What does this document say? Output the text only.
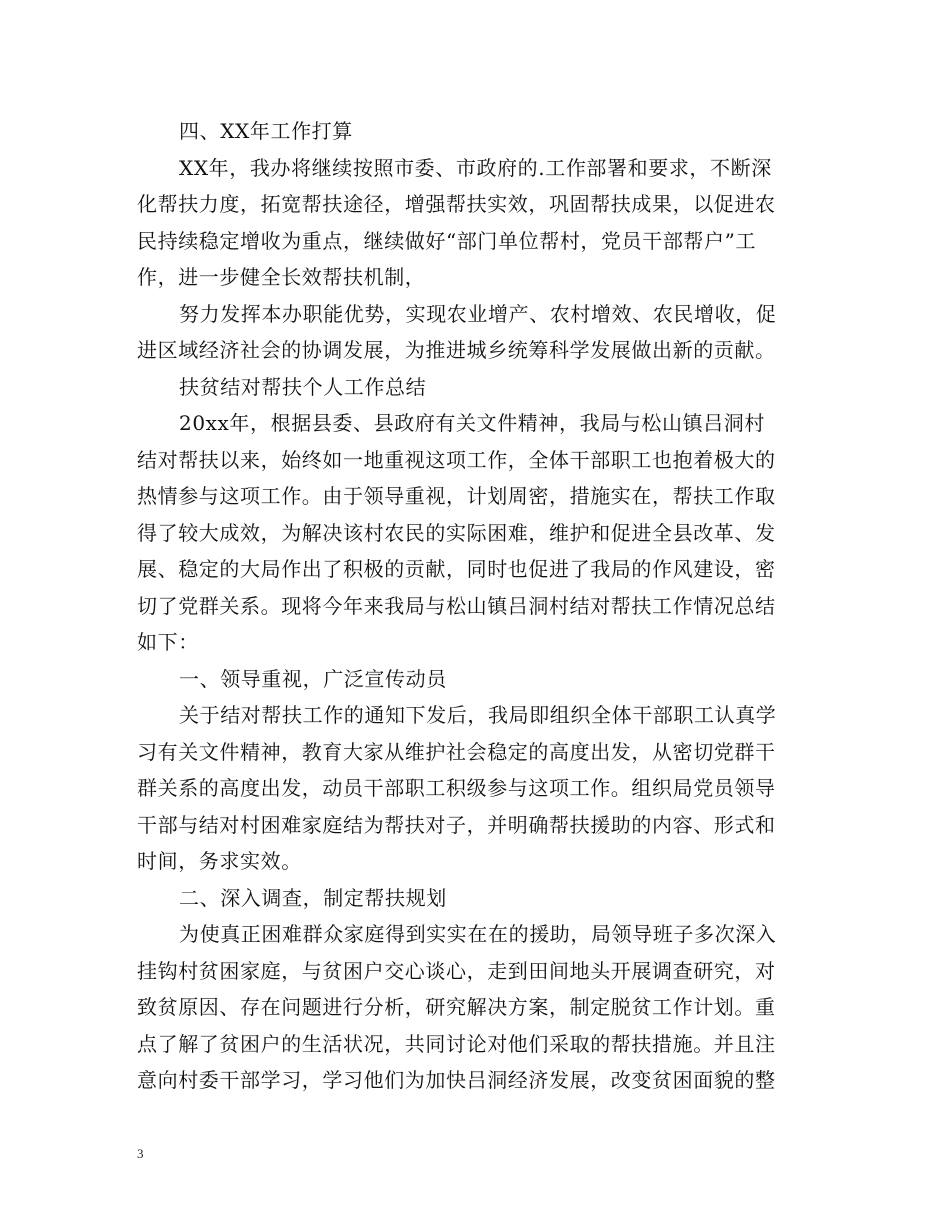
四、XX年工作打算
XX年，我办将继续按照市委、市政府的.工作部署和要求，不断深
化帮扶力度，拓宽帮扶途径，增强帮扶实效，巩固帮扶成果，以促进农
民持续稳定增收为重点，继续做好“部门单位帮村，党员干部帮户”工
作，进一步健全长效帮扶机制，
努力发挥本办职能优势，实现农业增产、农村增效、农民增收，促
进区域经济社会的协调发展，为推进城乡统筹科学发展做出新的贡献。
扶贫结对帮扶个人工作总结
20xx年，根据县委、县政府有关文件精神，我局与松山镇吕洞村
结对帮扶以来，始终如一地重视这项工作，全体干部职工也抱着极大的
热情参与这项工作。由于领导重视，计划周密，措施实在，帮扶工作取
得了较大成效，为解决该村农民的实际困难，维护和促进全县改革、发
展、稳定的大局作出了积极的贡献，同时也促进了我局的作风建设，密
切了党群关系。现将今年来我局与松山镇吕洞村结对帮扶工作情况总结
如下：
一、领导重视，广泛宣传动员
关于结对帮扶工作的通知下发后，我局即组织全体干部职工认真学
习有关文件精神，教育大家从维护社会稳定的高度出发，从密切党群干
群关系的高度出发，动员干部职工积级参与这项工作。组织局党员领导
干部与结对村困难家庭结为帮扶对子，并明确帮扶援助的内容、形式和
时间，务求实效。
二、深入调查，制定帮扶规划
为使真正困难群众家庭得到实实在在的援助，局领导班子多次深入
挂钩村贫困家庭，与贫困户交心谈心，走到田间地头开展调查研究，对
致贫原因、存在问题进行分析，研究解决方案，制定脱贫工作计划。重
点了解了贫困户的生活状况，共同讨论对他们采取的帮扶措施。并且注
意向村委干部学习，学习他们为加快吕洞经济发展，改变贫困面貌的整
3
